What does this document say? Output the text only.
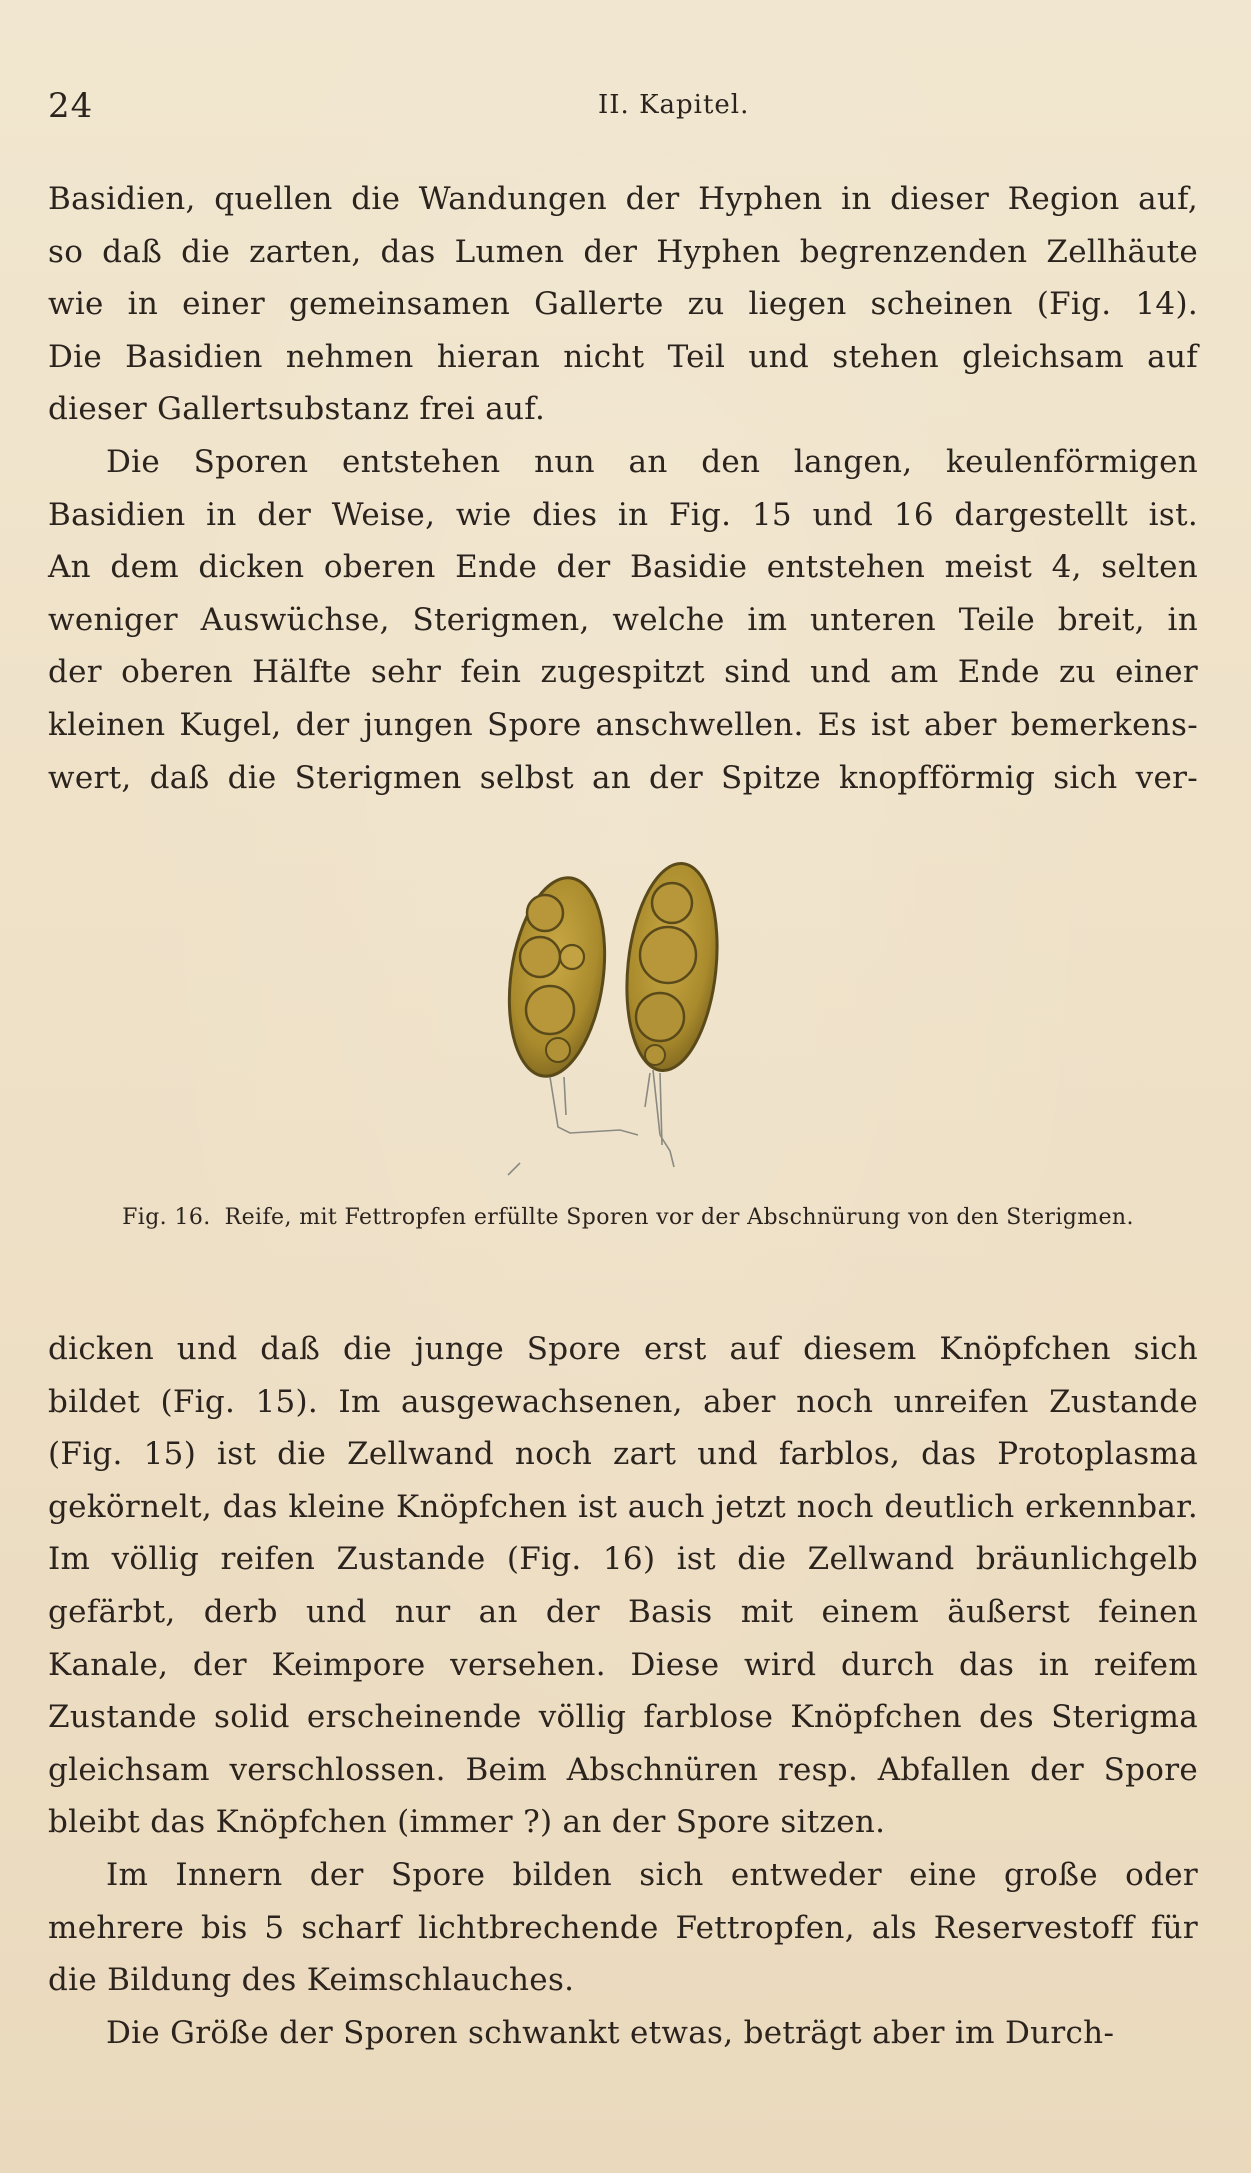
24	II. Kapitel.
Basidien, quellen die Wandungen der Hyphen in dieser Region auf,
so daß die zarten, das Lumen der Hyphen begrenzenden Zellhäute
wie in einer gemeinsamen Gallerte zu liegen scheinen (Fig. 14).
Die Basidien nehmen hieran nicht Teil und stehen gleichsam auf
dieser Gallertsubstanz frei auf.
Die Sporen entstehen nun an den langen, keulenförmigen
Basidien in der Weise, wie dies in Fig. 15 und 16 dargestellt ist.
An dem dicken oberen Ende der Basidie entstehen meist 4, selten
weniger Auswüchse, Sterigmen, welche im unteren Teile breit, in
der oberen Hälfte sehr fein zugespitzt sind und am Ende zu einer
kleinen Kugel, der jungen Spore anschwellen. Es ist aber bemerkens-
wert, daß die Sterigmen selbst an der Spitze knopfförmig sich ver-
Fig. 16. Reife, mit Fettropfen erfüllte Sporen vor der Abschnürung von den Sterigmen.
dicken und daß die junge Spore erst auf diesem Knöpfchen sich
bildet (Fig. 15). Im ausgewachsenen, aber noch unreifen Zustande
(Fig. 15) ist die Zellwand noch zart und farblos, das Protoplasma
gekörnelt, das kleine Knöpfchen ist auch jetzt noch deutlich erkennbar.
Im völlig reifen Zustande (Fig. 16) ist die Zellwand bräunlichgelb
gefärbt, derb und nur an der Basis mit einem äußerst feinen
Kanale, der Keimpore versehen. Diese wird durch das in reifem
Zustande solid erscheinende völlig farblose Knöpfchen des Sterigma
gleichsam verschlossen. Beim Abschnüren resp. Abfallen der Spore
bleibt das Knöpfchen (immer ?) an der Spore sitzen.
Im Innern der Spore bilden sich entweder eine große oder
mehrere bis 5 scharf lichtbrechende Fettropfen, als Reservestoff für
die Bildung des Keimschlauches.
Die Größe der Sporen schwankt etwas, beträgt aber im Durch-
